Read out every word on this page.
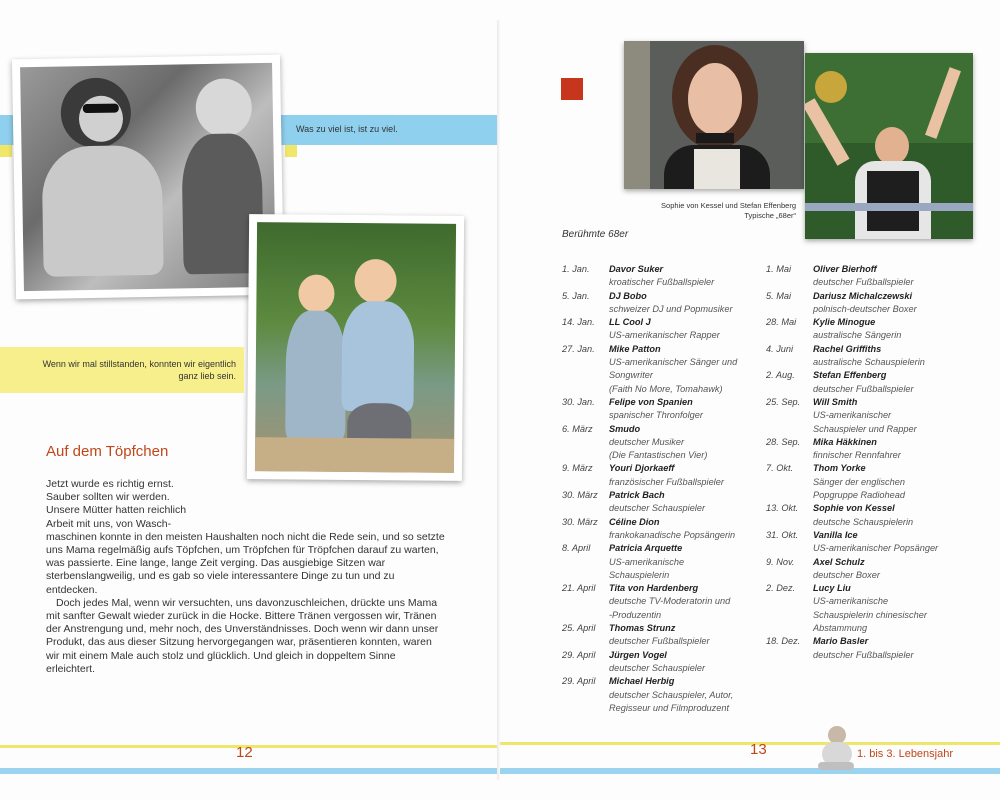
Was zu viel ist, ist zu viel.
Wenn wir mal stillstanden, konnten wir eigentlich ganz lieb sein.
Auf dem Töpfchen

Jetzt wurde es richtig ernst.

Sauber sollten wir werden.

Unsere Mütter hatten reichlich

Arbeit mit uns, von Wasch-

maschinen konnte in den meisten Haushalten noch nicht die Rede sein, und so setzte uns Mama regelmäßig aufs Töpfchen, um Tröpfchen für Tröpfchen darauf zu warten, was passierte. Eine lange, lange Zeit verging. Das ausgiebige Sitzen war sterbenslangweilig, und es gab so viele interessantere Dinge zu tun und zu entdecken.

Doch jedes Mal, wenn wir versuchten, uns davonzuschleichen, drückte uns Mama mit sanfter Gewalt wieder zurück in die Hocke. Bittere Tränen vergossen wir, Tränen der Anstrengung und, mehr noch, des Unverständnisses. Doch wenn wir dann unser Produkt, das aus dieser Sitzung hervorgegangen war, präsentieren konnten, waren wir mit einem Male auch stolz und glücklich. Und gleich in doppeltem Sinne erleichtert.

12
Sophie von Kessel und Stefan Effenberg
Typische „68er“
Berühmte 68er
1. Jan.	Davor Suker
kroatischer Fußballspieler
5. Jan.	DJ Bobo
schweizer DJ und Popmusiker
14. Jan.	LL Cool J
US-amerikanischer Rapper
27. Jan.	Mike Patton
US-amerikanischer Sänger und
Songwriter
(Faith No More, Tomahawk)
30. Jan.	Felipe von Spanien
spanischer Thronfolger
6. März	Smudo
deutscher Musiker
(Die Fantastischen Vier)
9. März	Youri Djorkaeff
französischer Fußballspieler
30. März	Patrick Bach
deutscher Schauspieler
30. März	Céline Dion
frankokanadische Popsängerin
8. April	Patricia Arquette
US-amerikanische
Schauspielerin
21. April	Tita von Hardenberg
deutsche TV-Moderatorin und
-Produzentin
25. April	Thomas Strunz
deutscher Fußballspieler
29. April	Jürgen Vogel
deutscher Schauspieler
29. April	Michael Herbig
deutscher Schauspieler, Autor,
Regisseur und Filmproduzent
1. Mai	Oliver Bierhoff
deutscher Fußballspieler
5. Mai	Dariusz Michalczewski
polnisch-deutscher Boxer
28. Mai	Kylie Minogue
australische Sängerin
4. Juni	Rachel Griffiths
australische Schauspielerin
2. Aug.	Stefan Effenberg
deutscher Fußballspieler
25. Sep.	Will Smith
US-amerikanischer
Schauspieler und Rapper
28. Sep.	Mika Häkkinen
finnischer Rennfahrer
7. Okt.	Thom Yorke
Sänger der englischen
Popgruppe Radiohead
13. Okt.	Sophie von Kessel
deutsche Schauspielerin
31. Okt.	Vanilla Ice
US-amerikanischer Popsänger
9. Nov.	Axel Schulz
deutscher Boxer
2. Dez.	Lucy Liu
US-amerikanische
Schauspielerin chinesischer
Abstammung
18. Dez.	Mario Basler
deutscher Fußballspieler
13	1. bis 3. Lebensjahr
